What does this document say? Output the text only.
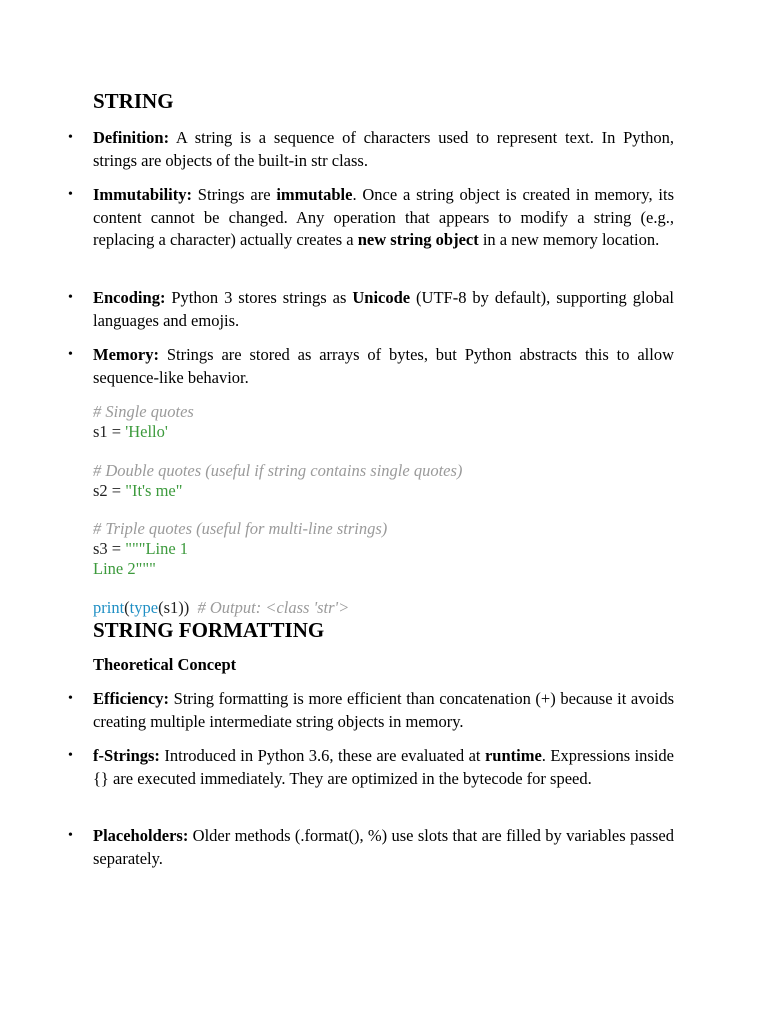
STRING
• Definition: A string is a sequence of characters used to represent text. In Python, strings are objects of the built-in str class.
• Immutability: Strings are immutable. Once a string object is created in memory, its content cannot be changed. Any operation that appears to modify a string (e.g., replacing a character) actually creates a new string object in a new memory location.
• Encoding: Python 3 stores strings as Unicode (UTF-8 by default), supporting global languages and emojis.
• Memory: Strings are stored as arrays of bytes, but Python abstracts this to allow sequence-like behavior.
# Single quotes
s1 = 'Hello'
# Double quotes (useful if string contains single quotes)
s2 = "It's me"
# Triple quotes (useful for multi-line strings)
s3 = """Line 1
Line 2"""
print(type(s1)) # Output: <class 'str'>
STRING FORMATTING
Theoretical Concept
• Efficiency: String formatting is more efficient than concatenation (+) because it avoids creating multiple intermediate string objects in memory.
• f-Strings: Introduced in Python 3.6, these are evaluated at runtime. Expressions inside {} are executed immediately. They are optimized in the bytecode for speed.
• Placeholders: Older methods (.format(), %) use slots that are filled by variables passed separately.
